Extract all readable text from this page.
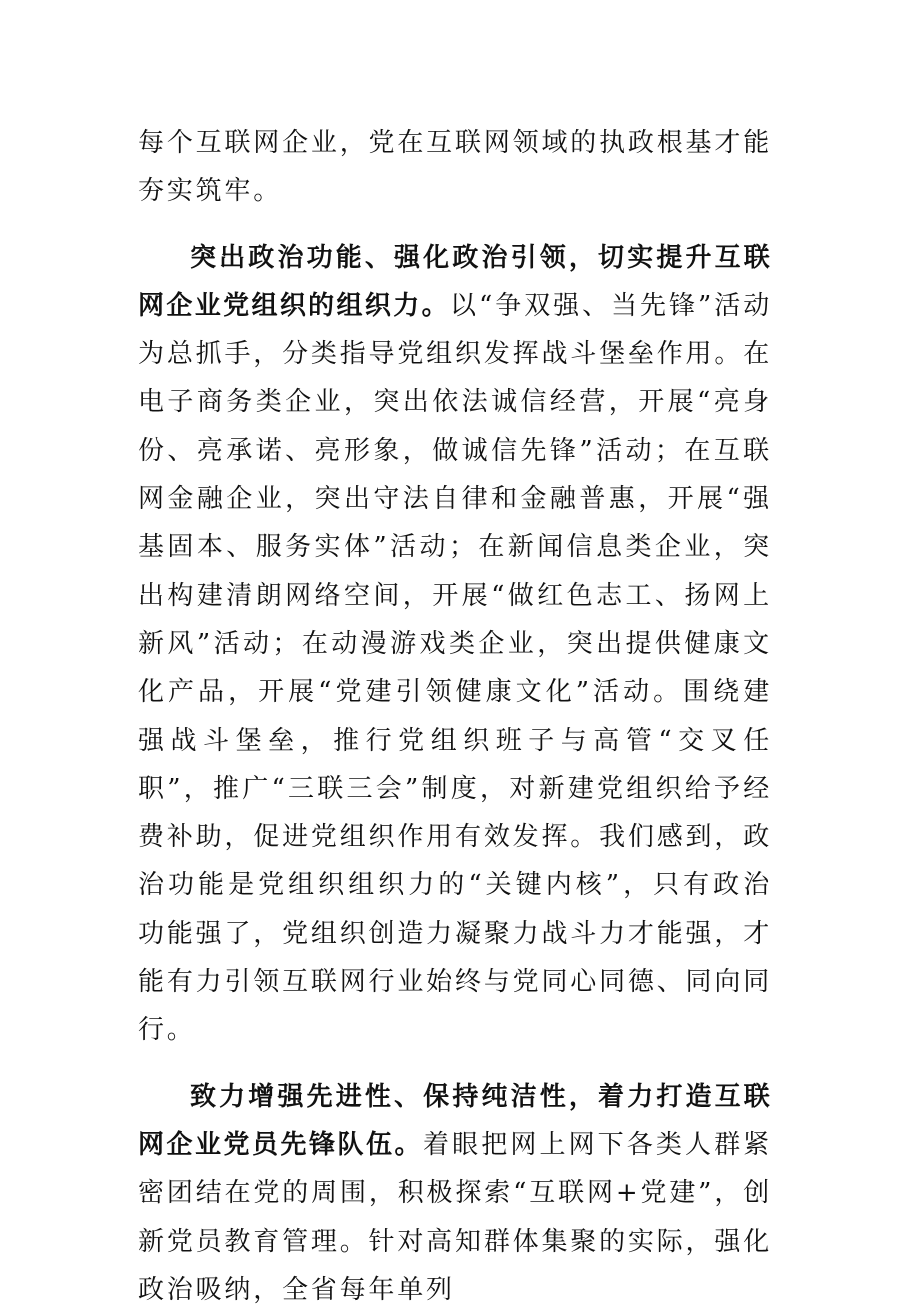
每个互联网企业，党在互联网领域的执政根基才能夯实筑牢。

突出政治功能、强化政治引领，切实提升互联网企业党组织的组织力。以“争双强、当先锋”活动为总抓手，分类指导党组织发挥战斗堡垒作用。在电子商务类企业，突出依法诚信经营，开展“亮身份、亮承诺、亮形象，做诚信先锋”活动；在互联网金融企业，突出守法自律和金融普惠，开展“强基固本、服务实体”活动；在新闻信息类企业，突出构建清朗网络空间，开展“做红色志工、扬网上新风”活动；在动漫游戏类企业，突出提供健康文化产品，开展“党建引领健康文化”活动。围绕建强战斗堡垒，推行党组织班子与高管“交叉任职”，推广“三联三会”制度，对新建党组织给予经费补助，促进党组织作用有效发挥。我们感到，政治功能是党组织组织力的“关键内核”，只有政治功能强了，党组织创造力凝聚力战斗力才能强，才能有力引领互联网行业始终与党同心同德、同向同行。

致力增强先进性、保持纯洁性，着力打造互联网企业党员先锋队伍。着眼把网上网下各类人群紧密团结在党的周围，积极探索“互联网+党建”，创新党员教育管理。针对高知群体集聚的实际，强化政治吸纳，全省每年单列
